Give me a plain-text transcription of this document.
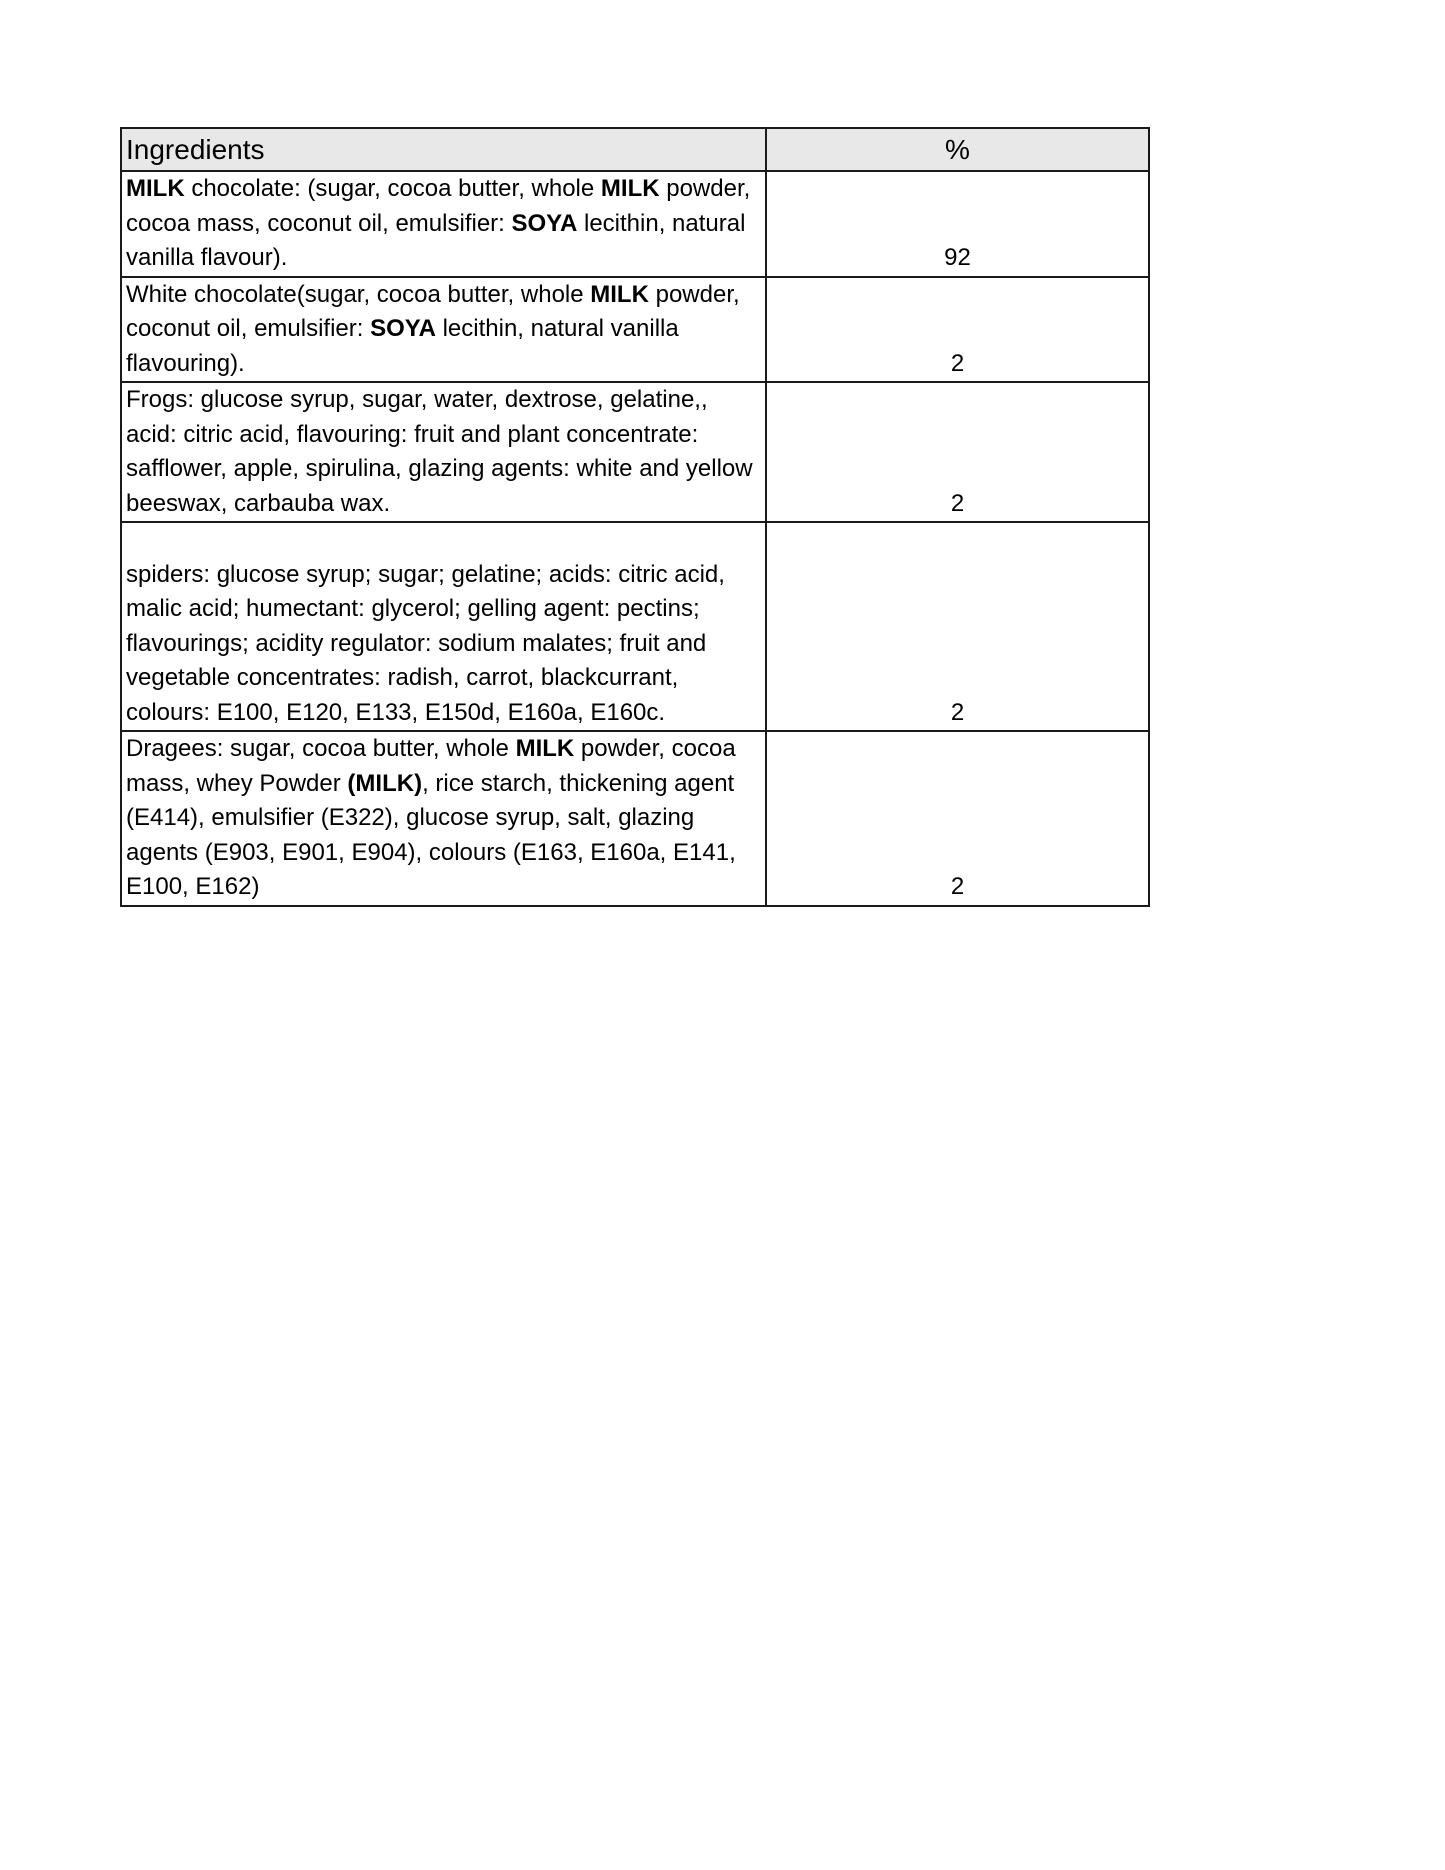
Ingredients	%
MILK chocolate: (sugar, cocoa butter, whole MILK powder, cocoa mass, coconut oil, emulsifier: SOYA lecithin, natural vanilla flavour).	92
White chocolate(sugar, cocoa butter, whole MILK powder, coconut oil, emulsifier: SOYA lecithin, natural vanilla flavouring).	2
Frogs: glucose syrup, sugar, water, dextrose, gelatine,, acid: citric acid, flavouring: fruit and plant concentrate: safflower, apple, spirulina, glazing agents: white and yellow beeswax, carbauba wax.	2

spiders: glucose syrup; sugar; gelatine; acids: citric acid, malic acid; humectant: glycerol; gelling agent: pectins; flavourings; acidity regulator: sodium malates; fruit and vegetable concentrates: radish, carrot, blackcurrant, colours: E100, E120, E133, E150d, E160a, E160c.	2
Dragees: sugar, cocoa butter, whole MILK powder, cocoa mass, whey Powder (MILK), rice starch, thickening agent (E414), emulsifier (E322), glucose syrup, salt, glazing agents (E903, E901, E904), colours (E163, E160a, E141, E100, E162)	2
